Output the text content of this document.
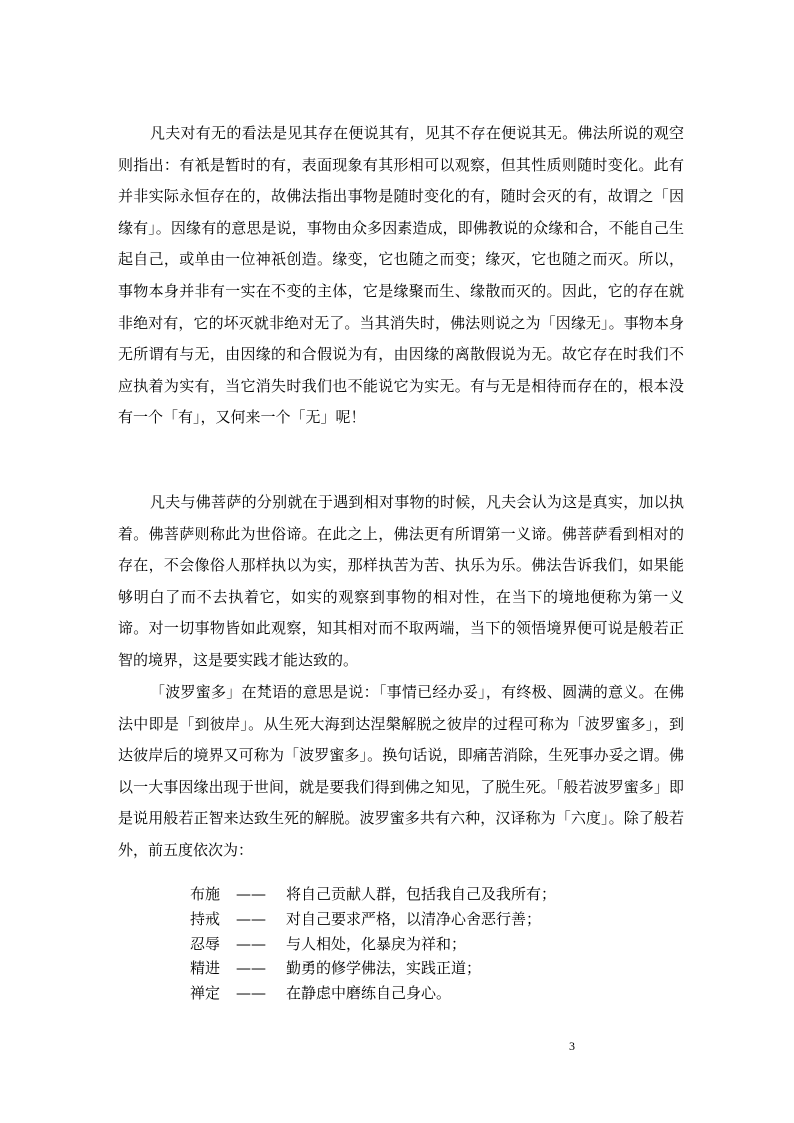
凡夫对有无的看法是见其存在便说其有，见其不存在便说其无。佛法所说的观空则指出：有衹是暂时的有，表面现象有其形相可以观察，但其性质则随时变化。此有并非实际永恒存在的，故佛法指出事物是随时变化的有，随时会灭的有，故谓之「因缘有」。因缘有的意思是说，事物由众多因素造成，即佛教说的众缘和合，不能自己生起自己，或单由一位神祇创造。缘变，它也随之而变；缘灭，它也随之而灭。所以，事物本身并非有一实在不变的主体，它是缘聚而生、缘散而灭的。因此，它的存在就非绝对有，它的坏灭就非绝对无了。当其消失时，佛法则说之为「因缘无」。事物本身无所谓有与无，由因缘的和合假说为有，由因缘的离散假说为无。故它存在时我们不应执着为实有，当它消失时我们也不能说它为实无。有与无是相待而存在的，根本没有一个「有」，又何来一个「无」呢！

凡夫与佛菩萨的分别就在于遇到相对事物的时候，凡夫会认为这是真实，加以执着。佛菩萨则称此为世俗谛。在此之上，佛法更有所谓第一义谛。佛菩萨看到相对的存在，不会像俗人那样执以为实，那样执苦为苦、执乐为乐。佛法告诉我们，如果能够明白了而不去执着它，如实的观察到事物的相对性，在当下的境地便称为第一义谛。对一切事物皆如此观察，知其相对而不取两端，当下的领悟境界便可说是般若正智的境界，这是要实践才能达致的。

「波罗蜜多」在梵语的意思是说：「事情已经办妥」，有终极、圆满的意义。在佛法中即是「到彼岸」。从生死大海到达涅槃解脱之彼岸的过程可称为「波罗蜜多」，到达彼岸后的境界又可称为「波罗蜜多」。换句话说，即痛苦消除，生死事办妥之谓。佛以一大事因缘出现于世间，就是要我们得到佛之知见，了脱生死。「般若波罗蜜多」即是说用般若正智来达致生死的解脱。波罗蜜多共有六种，汉译称为「六度」。除了般若外，前五度依次为：

布施 —— 将自己贡献人群，包括我自己及我所有；
持戒 —— 对自己要求严格，以清净心舍恶行善；
忍辱 —— 与人相处，化暴戾为祥和；
精进 —— 勤勇的修学佛法，实践正道；
禅定 —— 在静虑中磨练自己身心。
3
